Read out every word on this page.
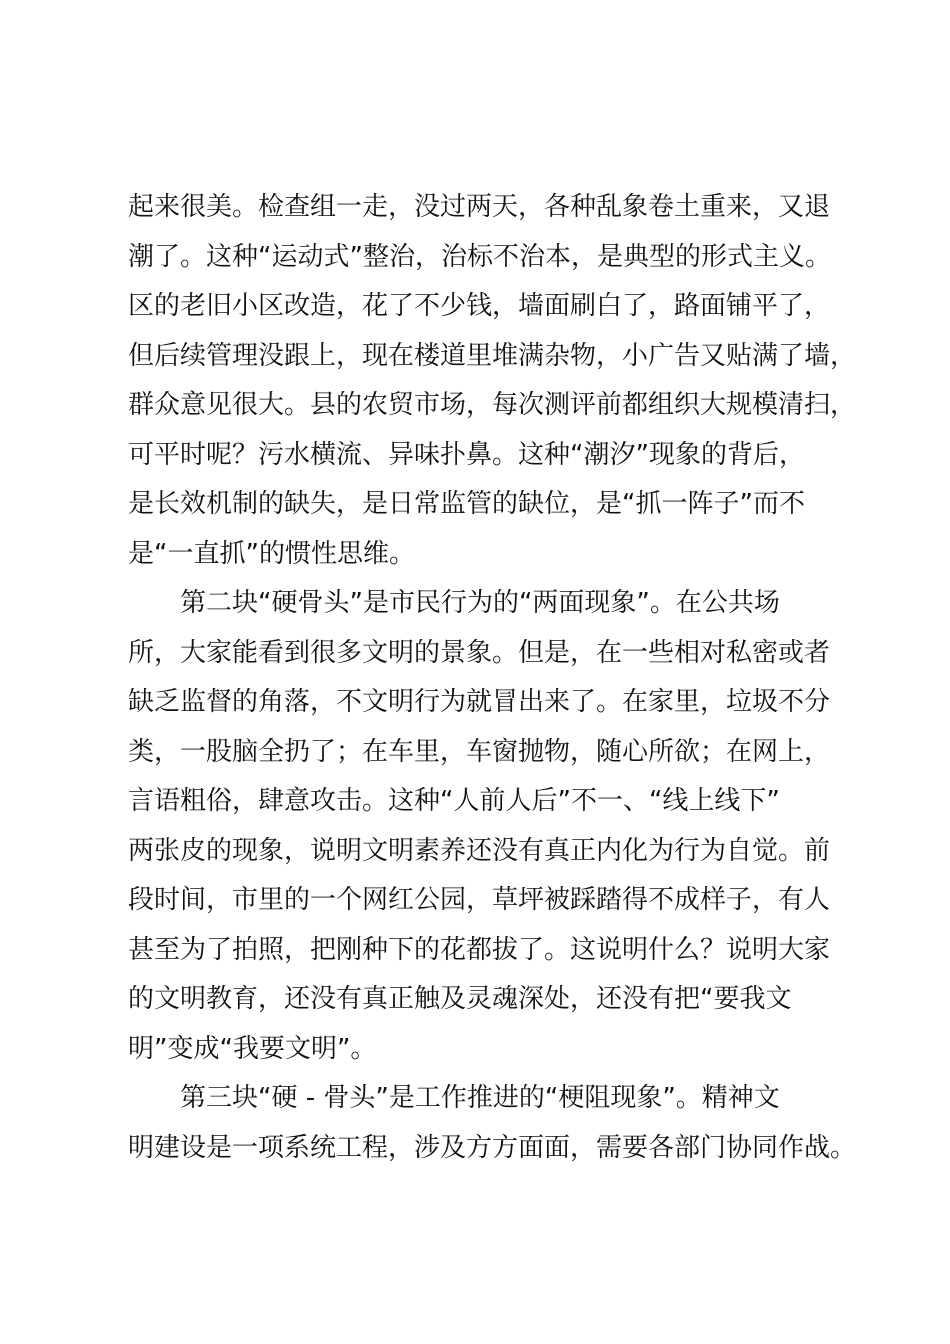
起来很美。检查组一走，没过两天，各种乱象卷土重来，又退
潮了。这种“运动式”整治，治标不治本，是典型的形式主义。
区的老旧小区改造，花了不少钱，墙面刷白了，路面铺平了，
但后续管理没跟上，现在楼道里堆满杂物，小广告又贴满了墙，
群众意见很大。县的农贸市场，每次测评前都组织大规模清扫，
可平时呢？污水横流、异味扑鼻。这种“潮汐”现象的背后，
是长效机制的缺失，是日常监管的缺位，是“抓一阵子”而不
是“一直抓”的惯性思维。
　　第二块“硬骨头”是市民行为的“两面现象”。在公共场
所，大家能看到很多文明的景象。但是，在一些相对私密或者
缺乏监督的角落，不文明行为就冒出来了。在家里，垃圾不分
类，一股脑全扔了；在车里，车窗抛物，随心所欲；在网上，
言语粗俗，肆意攻击。这种“人前人后”不一、“线上线下”
两张皮的现象，说明文明素养还没有真正内化为行为自觉。前
段时间，市里的一个网红公园，草坪被踩踏得不成样子，有人
甚至为了拍照，把刚种下的花都拔了。这说明什么？说明大家
的文明教育，还没有真正触及灵魂深处，还没有把“要我文
明”变成“我要文明”。
　　第三块“硬 - 骨头”是工作推进的“梗阻现象”。精神文
明建设是一项系统工程，涉及方方面面，需要各部门协同作战。
